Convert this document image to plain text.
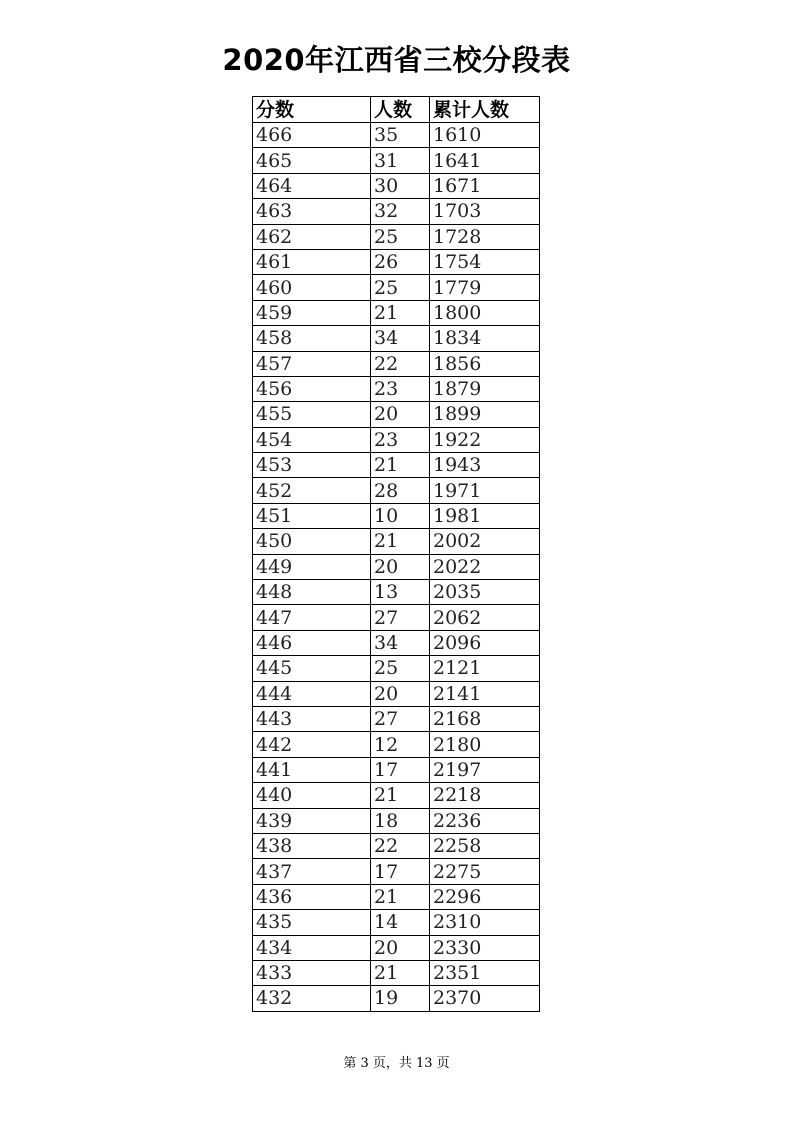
2020年江西省三校分段表
分数	人数	累计人数
466	35	1610
465	31	1641
464	30	1671
463	32	1703
462	25	1728
461	26	1754
460	25	1779
459	21	1800
458	34	1834
457	22	1856
456	23	1879
455	20	1899
454	23	1922
453	21	1943
452	28	1971
451	10	1981
450	21	2002
449	20	2022
448	13	2035
447	27	2062
446	34	2096
445	25	2121
444	20	2141
443	27	2168
442	12	2180
441	17	2197
440	21	2218
439	18	2236
438	22	2258
437	17	2275
436	21	2296
435	14	2310
434	20	2330
433	21	2351
432	19	2370
第 3 页，共 13 页
